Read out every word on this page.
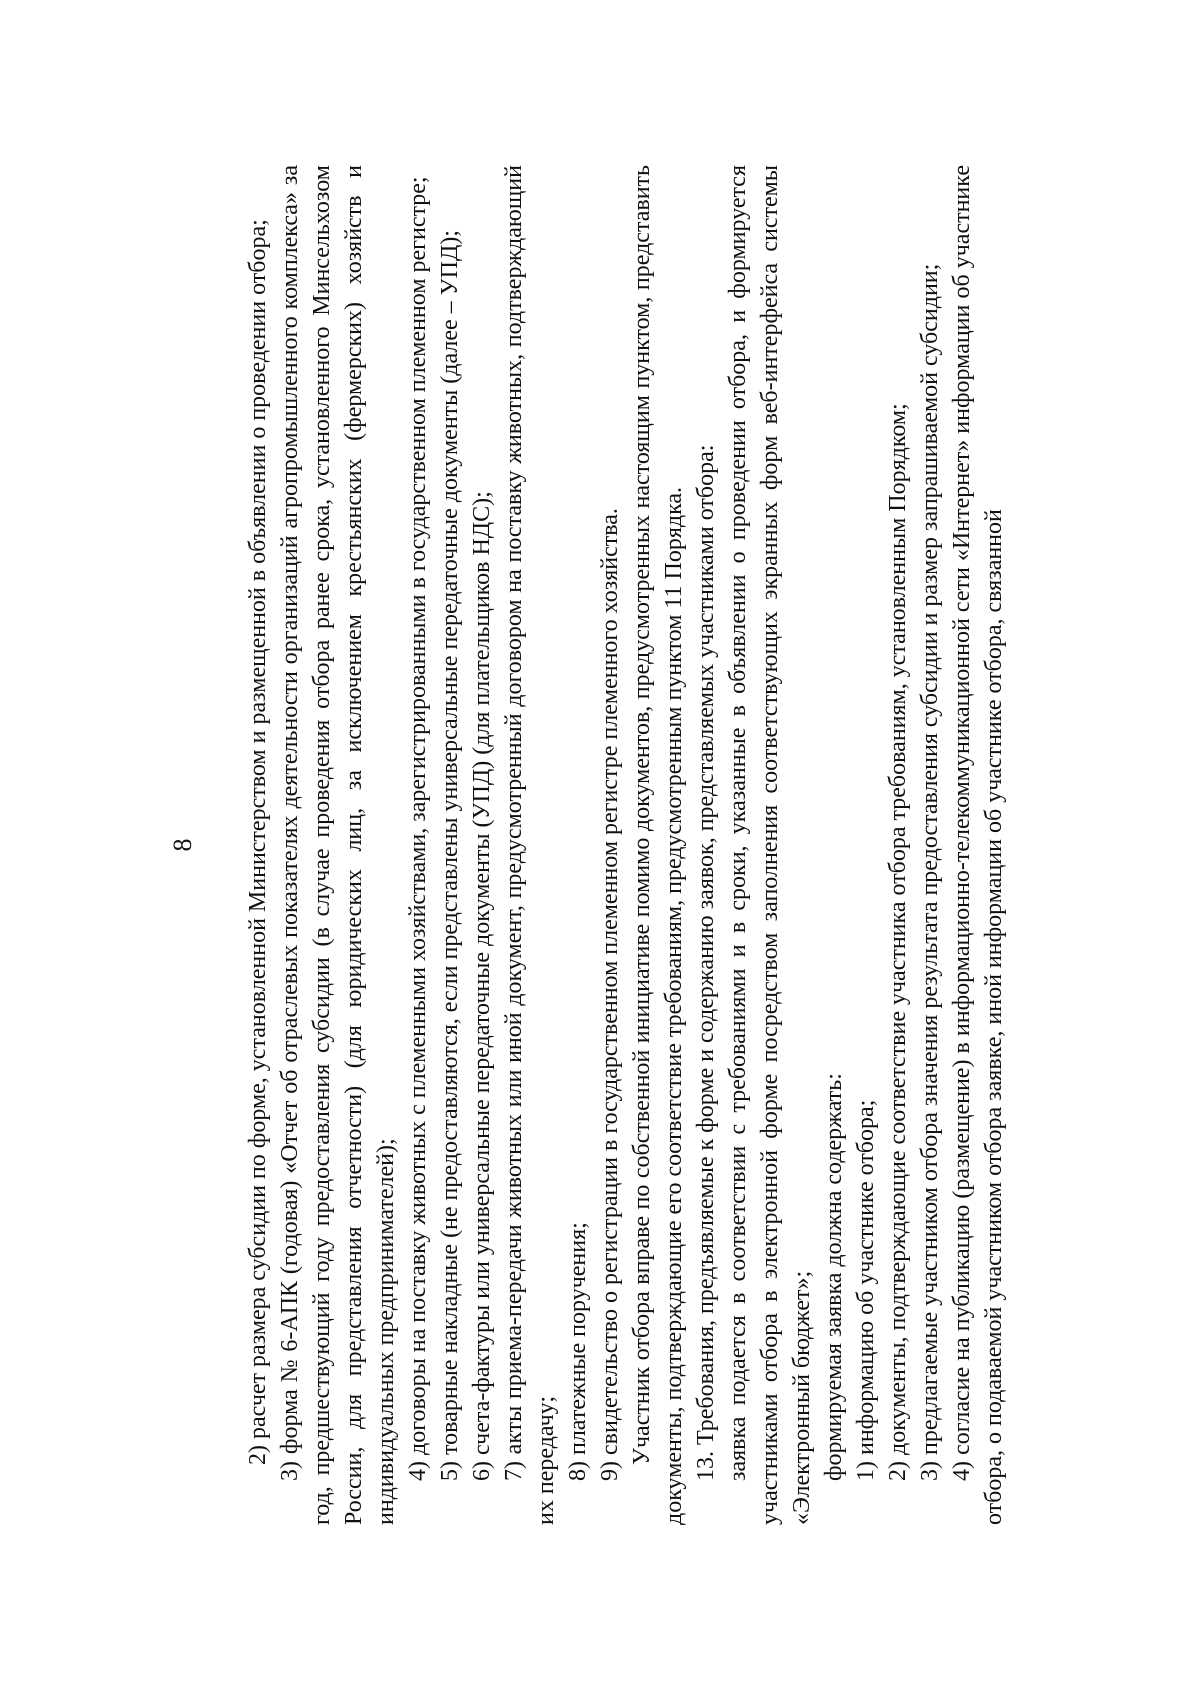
8 2) расчет размера субсидии по форме, установленной Министерством и размещенной в объявлении о проведении отбора; 3) форма № 6-АПК (годовая) «Отчет об отраслевых показателях деятельности организаций агропромышленного комплекса» за год, предшествующий году предоставления субсидии (в случае проведения отбора ранее срока, установленного Минсельхозом России, для представления отчетности) (для юридических лиц, за исключением крестьянских (фермерских) хозяйств и индивидуальных предпринимателей); 4) договоры на поставку животных с племенными хозяйствами, зарегистрированными в государственном племенном регистре; 5) товарные накладные (не предоставляются, если представлены универсальные передаточные документы (далее – УПД); 6) счета-фактуры или универсальные передаточные документы (УПД) (для плательщиков НДС); 7) акты приема-передачи животных или иной документ, предусмотренный договором на поставку животных, подтверждающий их передачу; 8) платежные поручения; 9) свидетельство о регистрации в государственном племенном регистре племенного хозяйства. Участник отбора вправе по собственной инициативе помимо документов, предусмотренных настоящим пунктом, представить документы, подтверждающие его соответствие требованиям, предусмотренным пунктом 11 Порядка. 13. Требования, предъявляемые к форме и содержанию заявок, представляемых участниками отбора: заявка подается в соответствии с требованиями и в сроки, указанные в объявлении о проведении отбора, и формируется участниками отбора в электронной форме посредством заполнения соответствующих экранных форм веб-интерфейса системы «Электронный бюджет»; формируемая заявка должна содержать: 1) информацию об участнике отбора; 2) документы, подтверждающие соответствие участника отбора требованиям, установленным Порядком; 3) предлагаемые участником отбора значения результата предоставления субсидии и размер запрашиваемой субсидии; 4) согласие на публикацию (размещение) в информационно-телекоммуникационной сети «Интернет» информации об участнике отбора, о подаваемой участником отбора заявке, иной информации об участнике отбора, связанной
